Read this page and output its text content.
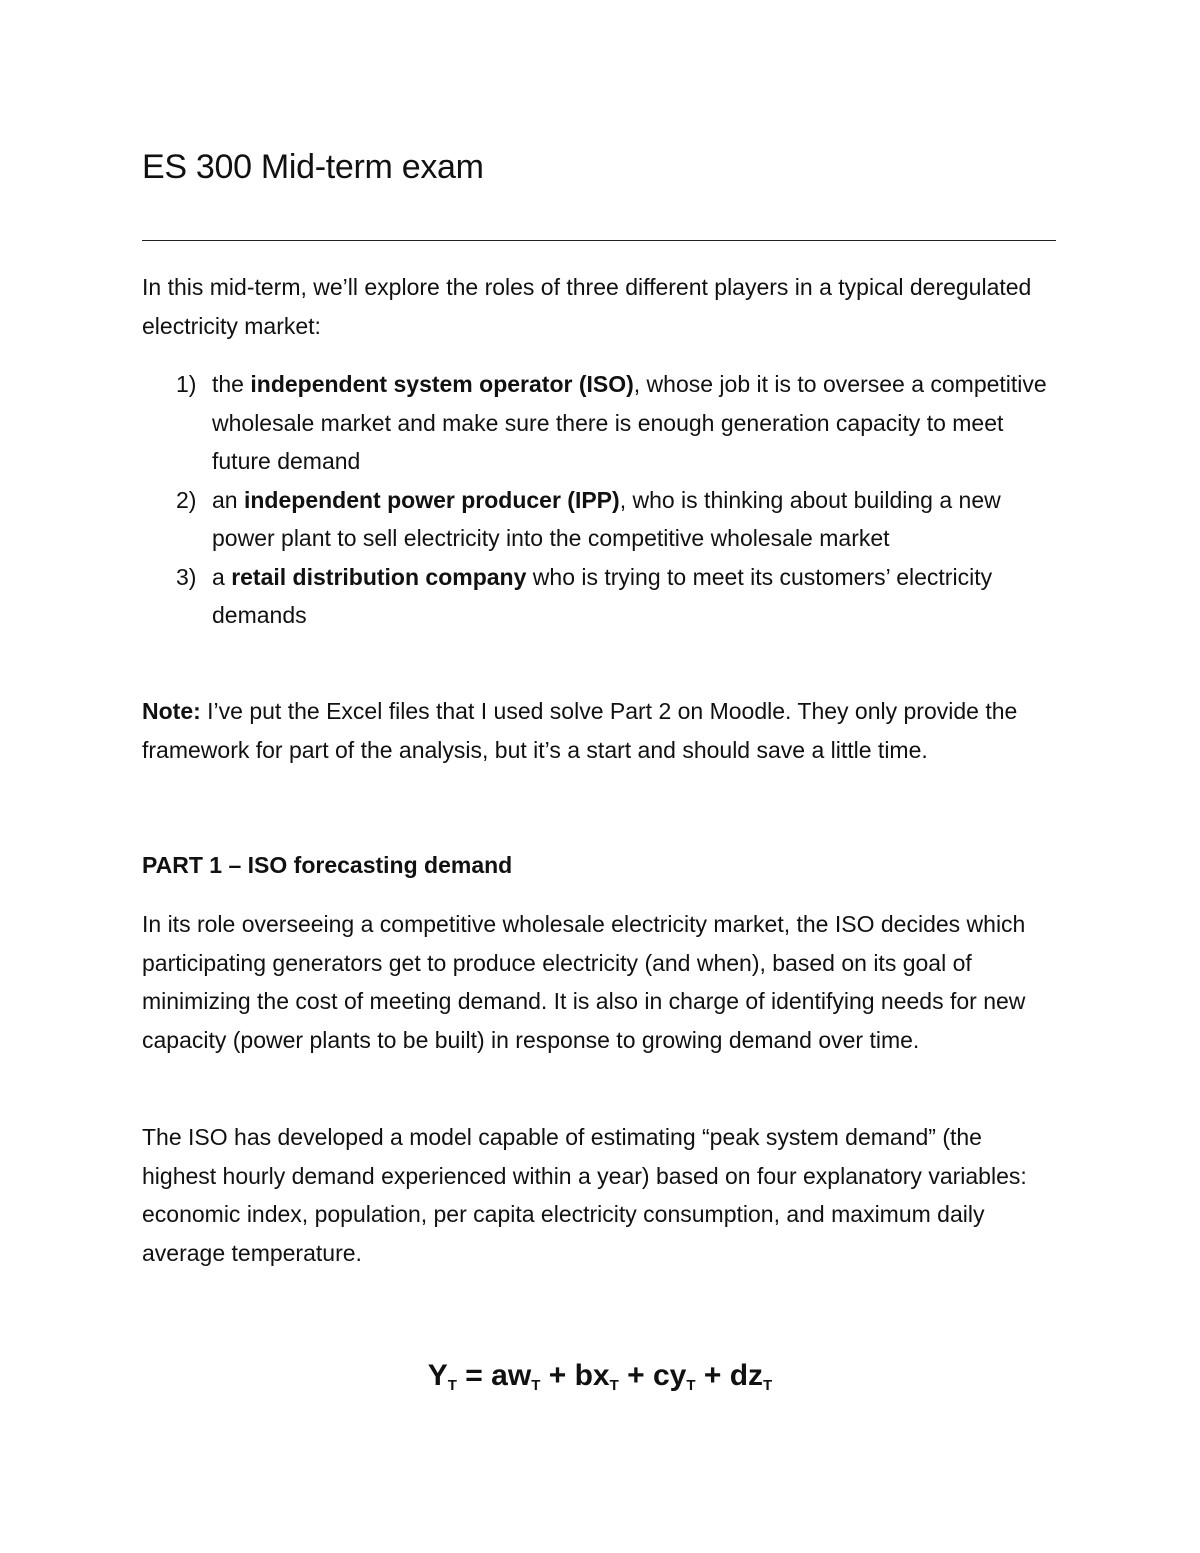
ES 300 Mid-term exam

In this mid-term, we’ll explore the roles of three different players in a typical deregulated electricity market:

1) the independent system operator (ISO), whose job it is to oversee a competitive wholesale market and make sure there is enough generation capacity to meet future demand
2) an independent power producer (IPP), who is thinking about building a new power plant to sell electricity into the competitive wholesale market
3) a retail distribution company who is trying to meet its customers’ electricity demands

Note: I’ve put the Excel files that I used solve Part 2 on Moodle. They only provide the framework for part of the analysis, but it’s a start and should save a little time.

PART 1 – ISO forecasting demand

In its role overseeing a competitive wholesale electricity market, the ISO decides which participating generators get to produce electricity (and when), based on its goal of minimizing the cost of meeting demand. It is also in charge of identifying needs for new capacity (power plants to be built) in response to growing demand over time.

The ISO has developed a model capable of estimating “peak system demand” (the highest hourly demand experienced within a year) based on four explanatory variables: economic index, population, per capita electricity consumption, and maximum daily average temperature.

$Y_T = aw_T + bx_T + cy_T + dz_T$
